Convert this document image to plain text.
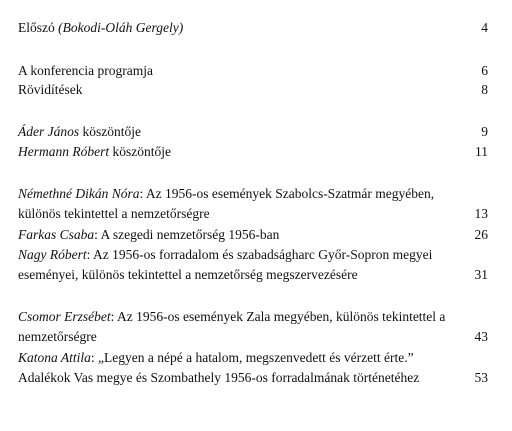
Előszó (Bokodi-Oláh Gergely)	4
A konferencia programja	6
Rövidítések	8
Áder János köszöntője	9
Hermann Róbert köszöntője	11
Némethné Dikán Nóra: Az 1956-os események Szabolcs-Szatmár megyében, különös tekintettel a nemzetőrségre	13
Farkas Csaba: A szegedi nemzetőrség 1956-ban	26
Nagy Róbert: Az 1956-os forradalom és szabadságharc Győr-Sopron megyei eseményei, különös tekintettel a nemzetőrség megszervezésére	31
Csomor Erzsébet: Az 1956-os események Zala megyében, különös tekintettel a nemzetőrségre	43
Katona Attila: „Legyen a népé a hatalom, megszenvedett és vérzett érte.” Adalékok Vas megye és Szombathely 1956-os forradalmának történetéhez	53
